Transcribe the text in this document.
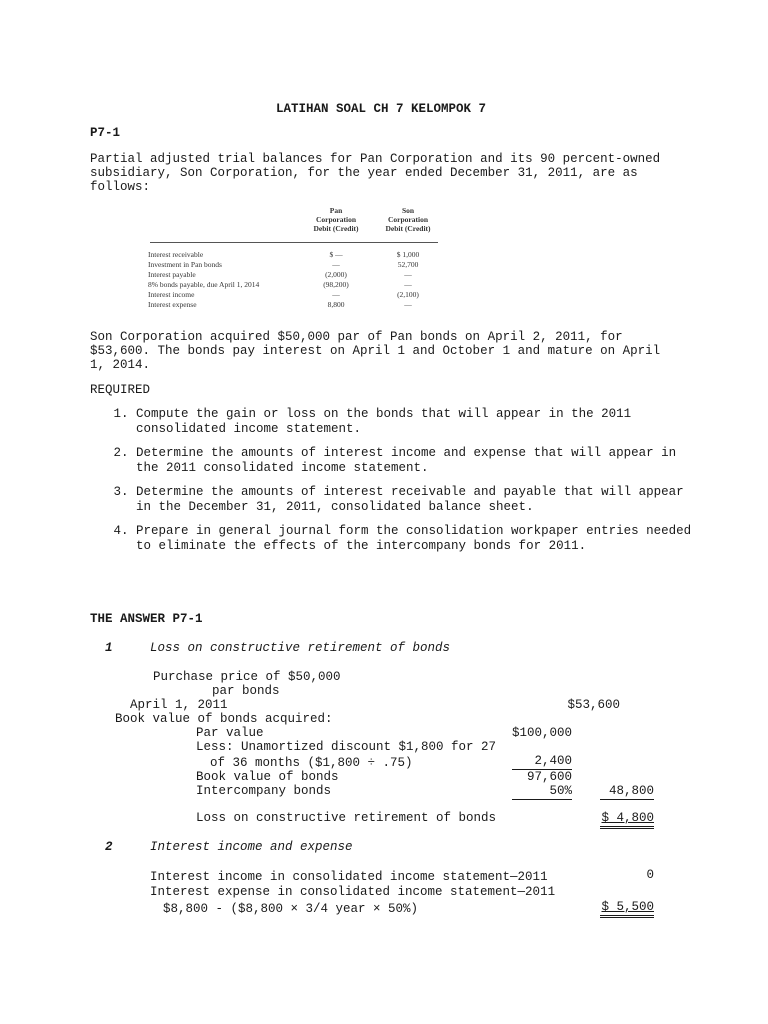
LATIHAN SOAL CH 7 KELOMPOK 7
P7-1
Partial adjusted trial balances for Pan Corporation and its 90 percent-owned
subsidiary, Son Corporation, for the year ended December 31, 2011, are as
follows:
Pan
Corporation
Debit (Credit)
Son
Corporation
Debit (Credit)
Interest receivable	$ —	$ 1,000
Investment in Pan bonds	—	52,700
Interest payable	(2,000)	—
8% bonds payable, due April 1, 2014	(98,200)	—
Interest income	—	(2,100)
Interest expense	8,800	—
Son Corporation acquired $50,000 par of Pan bonds on April 2, 2011, for
$53,600. The bonds pay interest on April 1 and October 1 and mature on April
1, 2014.
REQUIRED
1. Compute the gain or loss on the bonds that will appear in the 2011 consolidated income statement.
2. Determine the amounts of interest income and expense that will appear in the 2011 consolidated income statement.
3. Determine the amounts of interest receivable and payable that will appear in the December 31, 2011, consolidated balance sheet.
4. Prepare in general journal form the consolidation workpaper entries needed to eliminate the effects of the intercompany bonds for 2011.
THE ANSWER P7-1
1	Loss on constructive retirement of bonds
Purchase price of $50,000
par bonds
April 1, 2011	$53,600
Book value of bonds acquired:
Par value	$100,000
Less: Unamortized discount $1,800 for 27
of 36 months ($1,800 ÷ .75)	2,400
Book value of bonds	97,600
Intercompany bonds	50%	48,800
Loss on constructive retirement of bonds	$ 4,800
2	Interest income and expense
Interest income in consolidated income statement—2011	0
Interest expense in consolidated income statement—2011
$8,800 - ($8,800 × 3/4 year × 50%)	$ 5,500
